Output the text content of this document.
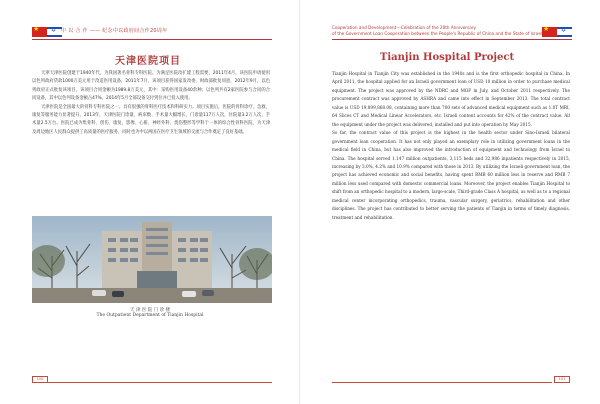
★
✡
中 以 合 作 —— 纪念中以政府间合作20周年
天津医院项目

天津天津医院创建于1940年代，为我国著名骨科专科医院。为满足医院改扩建工程需要，2011年4月，该医院申请使用以色列政府贷款1000万美元用于改造医用设备，2011年7月，该项目获得国家发改委、财政部批复同意，2012年9月，以色列政府正式批复该项目。该项目合同金额为1989.8万美元，其中：采购医用设备40余种；以色列共有2家医院参与合同的合同设备，其中以色列设备金额占47%，2014年5月全部设备交付到位并已投入使用。

天津医院是全国最大的骨科专科医院之一，具有很强的骨科医疗技术和科研实力。项目实施后，医院的骨科诊疗、急救、康复等服务能力显著提升。2013年，天津医院门诊量、病床数、手术量大幅增长，门诊量117万人次，住院量3.2万人次，手术量2.5万台。医院已成为集骨科、创伤、康复、影像、心脏、神经外科、烧伤整形等学科于一体的综合性骨科医院，为天津及周边地区人民群众提供了高质量的医疗服务，同时也为中以两国在医疗卫生领域的交流与合作奠定了良好基础。

天 津 医 院 门 诊 楼
The Outpatient Department of Tianjin Hospital
100
Cooperation and Development---Celebration of the 20th Anniversary
of the Government Loan Cooperation between the People's Republic of China and the State of Israel
★
✡
Tianjin Hospital Project

Tianjin Hospital in Tianjin City was established in the 1940s and is the first orthopedic hospital in China. In April 2011, the hospital applied for an Israeli government loan of USD 10 million in order to purchase medical equipment. The project was approved by the NDRC and MOF in July, and October 2011 respectively. The procurement contract was approved by ASHRA and came into effect in September 2013. The total contract value is USD 19,899,868.08, containing more than 700 sets of advanced medical equipment such as 1.0T MRI, 64 Slices CT and Medical Linear Accelerators, etc. Israeli content accounts for 42% of the contract value. All the equipment under the project was delivered, installed and put into operation by May 2015.

So far, the contract value of this project is the highest in the health sector under Sino-Israeli bilateral government loan cooperation. It has not only played an exemplary role in utilizing government loans in the medical field in China, but has also improved the introduction of equipment and technology from Israel to China. The hospital served 1.147 million outpatients, 3,115 beds and 32,986 inpatients respectively in 2015, increasing by 3.0%, 4.2% and 10.9% compared with those in 2013. By utilizing the Israeli government loan, the project has achieved economic and social benefits, having spent RMB 60 million less in reserve and RMB 7 million less used compared with domestic commercial loans. Moreover, the project enables Tianjin Hospital to shift from an orthopedic hospital to a modern, large-scale, Third-grade Class A hospital, as well as to a regional medical center incorporating orthopedics, trauma, vascular surgery, geriatrics, rehabilitation and other disciplines. The project has contributed to better serving the patients of Tianjin in terms of timely diagnosis, treatment and rehabilitation.

101
